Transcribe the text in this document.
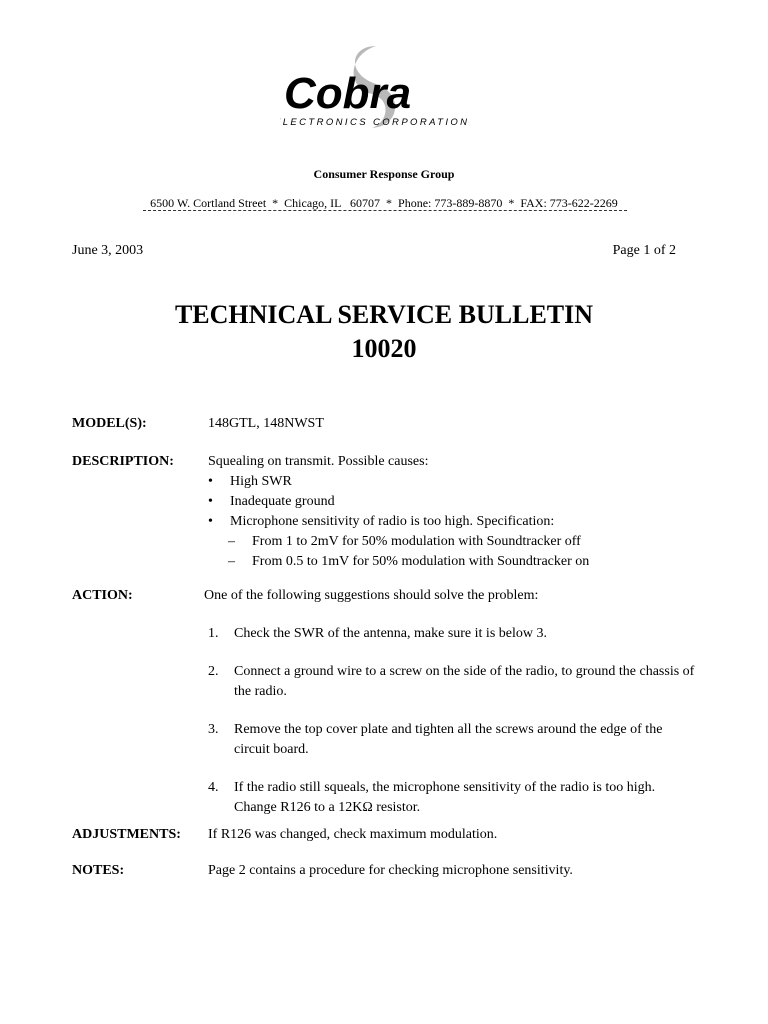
Cobra
ELECTRONICS CORPORATION
Consumer Response Group
6500 W. Cortland Street  *  Chicago, IL   60707  *  Phone: 773-889-8870  *  FAX: 773-622-2269
June 3, 2003	Page 1 of 2
TECHNICAL SERVICE BULLETIN
10020
MODEL(S):	148GTL, 148NWST
DESCRIPTION: Squealing on transmit. Possible causes:
• High SWR
• Inadequate ground
• Microphone sensitivity of radio is too high. Specification:
– From 1 to 2mV for 50% modulation with Soundtracker off
– From 0.5 to 1mV for 50% modulation with Soundtracker on
ACTION:	One of the following suggestions should solve the problem:
1. Check the SWR of the antenna, make sure it is below 3.
2. Connect a ground wire to a screw on the side of the radio, to ground the chassis of the radio.
3. Remove the top cover plate and tighten all the screws around the edge of the circuit board.
4. If the radio still squeals, the microphone sensitivity of the radio is too high. Change R126 to a 12KΩ resistor.
ADJUSTMENTS: If R126 was changed, check maximum modulation.
NOTES:	Page 2 contains a procedure for checking microphone sensitivity.
